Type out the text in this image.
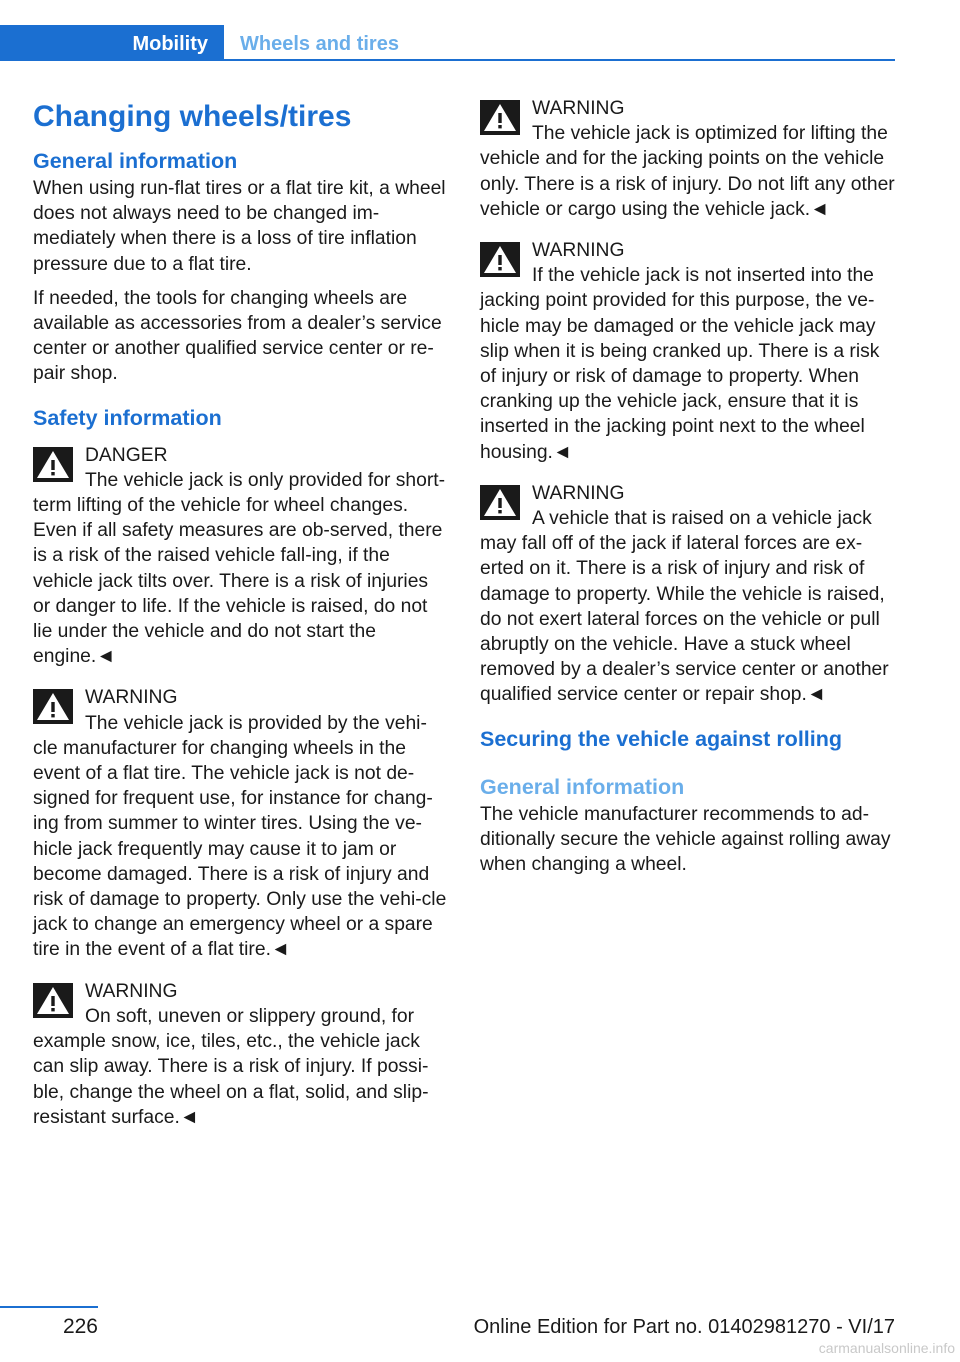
Mobility Wheels and tires
Changing wheels/tires
General information

When using run-flat tires or a flat tire kit, a wheel does not always need to be changed im‐mediately when there is a loss of tire inflation pressure due to a flat tire.

If needed, the tools for changing wheels are available as accessories from a dealer’s service center or another qualified service center or re‐pair shop.

Safety information
DANGER
The vehicle jack is only provided for short-term lifting of the vehicle for wheel changes. Even if all safety measures are ob‐served, there is a risk of the raised vehicle fall‐ing, if the vehicle jack tilts over. There is a risk of injuries or danger to life. If the vehicle is raised, do not lie under the vehicle and do not start the engine.◄
WARNING
The vehicle jack is provided by the vehi‐cle manufacturer for changing wheels in the event of a flat tire. The vehicle jack is not de‐signed for frequent use, for instance for chang‐ing from summer to winter tires. Using the ve‐hicle jack frequently may cause it to jam or become damaged. There is a risk of injury and risk of damage to property. Only use the vehi‐cle jack to change an emergency wheel or a spare tire in the event of a flat tire.◄
WARNING
On soft, uneven or slippery ground, for example snow, ice, tiles, etc., the vehicle jack can slip away. There is a risk of injury. If possi‐ble, change the wheel on a flat, solid, and slip-resistant surface.◄
WARNING
The vehicle jack is optimized for lifting the vehicle and for the jacking points on the vehicle only. There is a risk of injury. Do not lift any other vehicle or cargo using the vehicle jack.◄
WARNING
If the vehicle jack is not inserted into the jacking point provided for this purpose, the ve‐hicle may be damaged or the vehicle jack may slip when it is being cranked up. There is a risk of injury or risk of damage to property. When cranking up the vehicle jack, ensure that it is inserted in the jacking point next to the wheel housing.◄
WARNING
A vehicle that is raised on a vehicle jack may fall off of the jack if lateral forces are ex‐erted on it. There is a risk of injury and risk of damage to property. While the vehicle is raised, do not exert lateral forces on the vehicle or pull abruptly on the vehicle. Have a stuck wheel removed by a dealer’s service center or another qualified service center or repair shop.◄
Securing the vehicle against rolling
General information

The vehicle manufacturer recommends to ad‐ditionally secure the vehicle against rolling away when changing a wheel.

226	Online Edition for Part no. 01402981270 - VI/17
carmanualsonline.info
